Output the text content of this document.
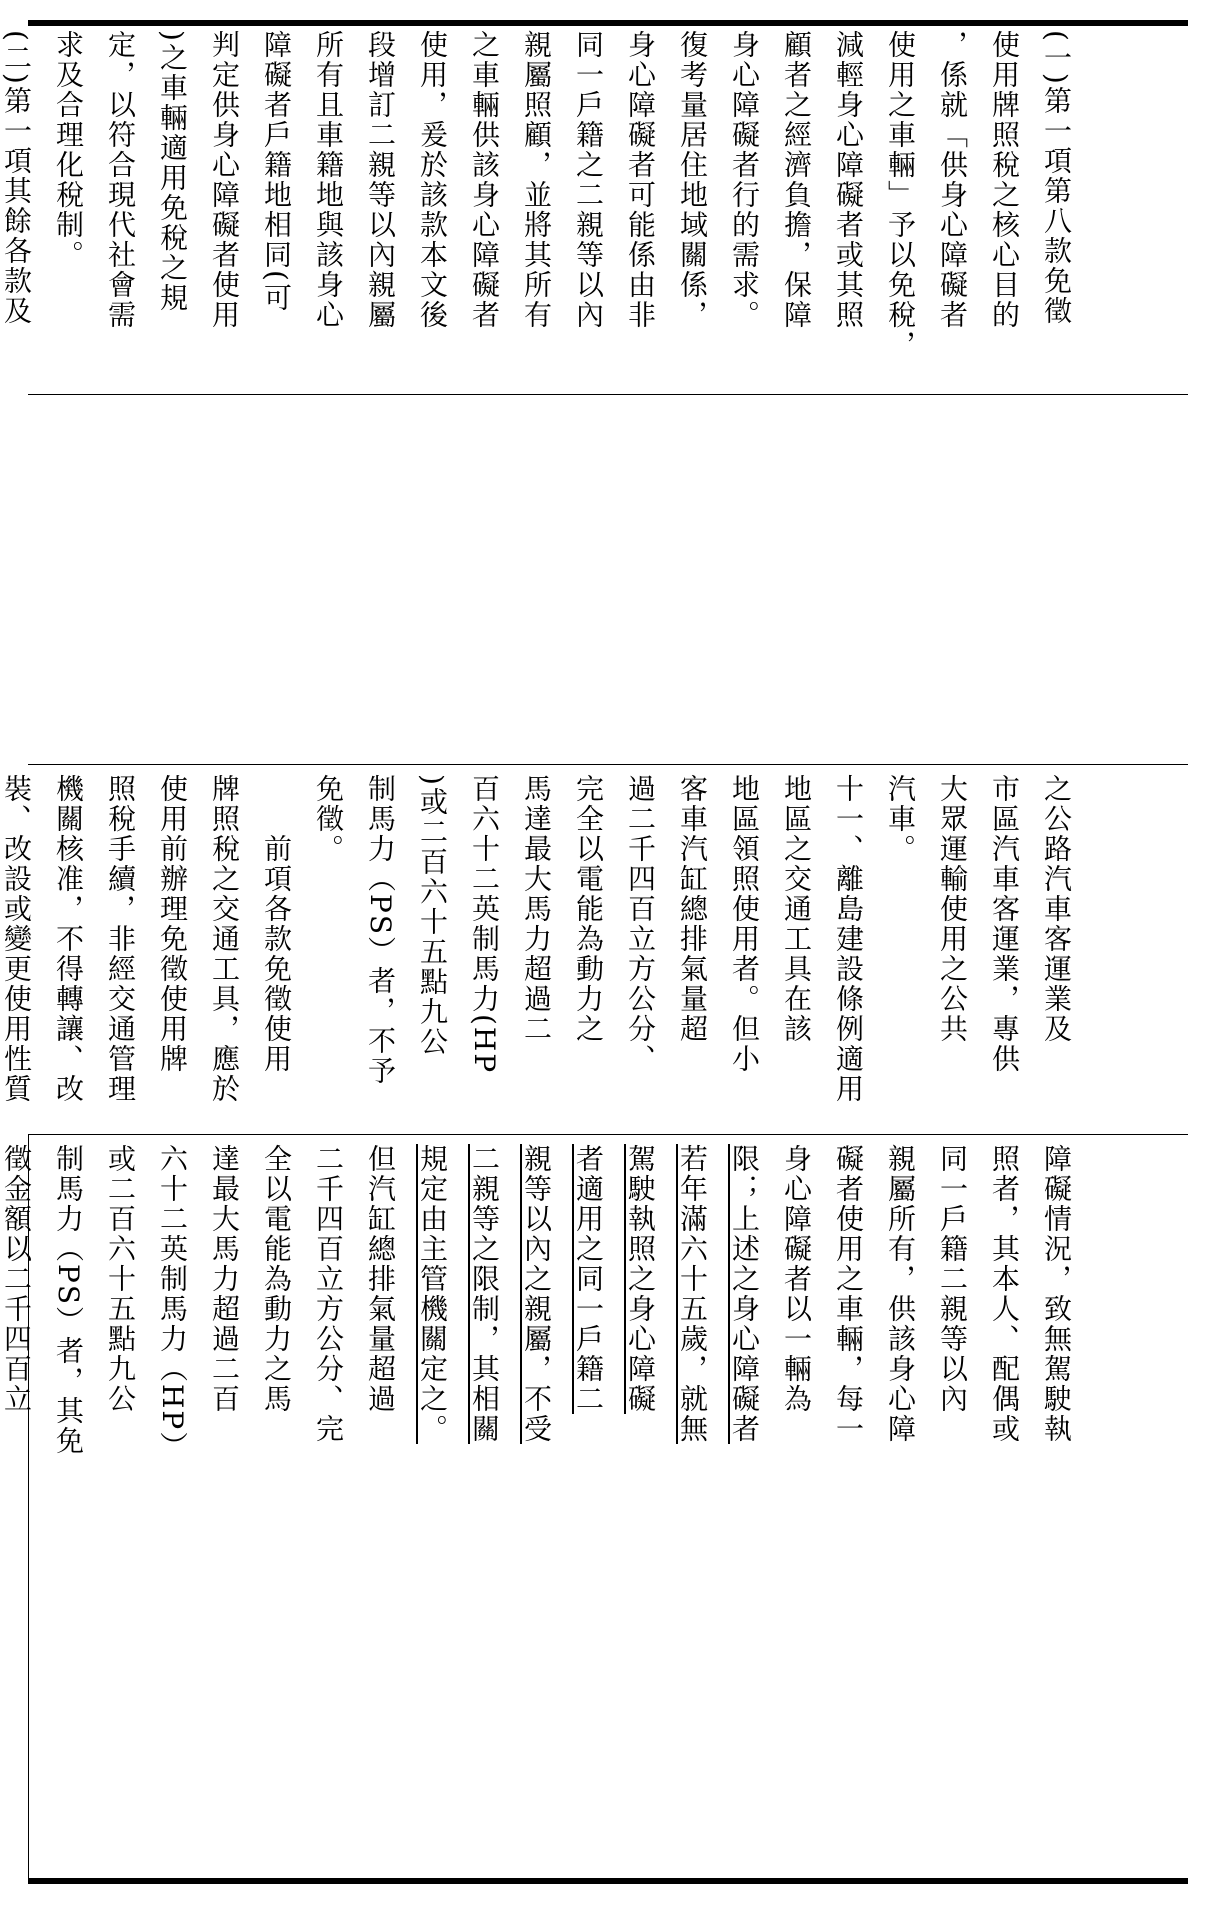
(一)第一項第八款免徵
使用牌照稅之核心目的
，係就「供身心障礙者
使用之車輛」予以免稅，
減輕身心障礙者或其照
顧者之經濟負擔，保障
身心障礙者行的需求。
復考量居住地域關係，
身心障礙者可能係由非
同一戶籍之二親等以內
親屬照顧，並將其所有
之車輛供該身心障礙者
使用，爰於該款本文後
段增訂二親等以內親屬
所有且車籍地與該身心
障礙者戶籍地相同(可
判定供身心障礙者使用
)之車輛適用免稅之規
定，以符合現代社會需
求及合理化稅制。
(二)第一項其餘各款及

之公路汽車客運業及
市區汽車客運業，專供
大眾運輸使用之公共
汽車。
十一、離島建設條例適用
地區之交通工具在該
地區領照使用者。但小
客車汽缸總排氣量超
過二千四百立方公分、
完全以電能為動力之
馬達最大馬力超過二
百六十二英制馬力(HP
)或二百六十五點九公
制馬力（PS）者，不予
免徵。
　　前項各款免徵使用
牌照稅之交通工具，應於
使用前辦理免徵使用牌
照稅手續，非經交通管理
機關核准，不得轉讓、改
裝、改設或變更使用性質

障礙情況，致無駕駛執
照者，其本人、配偶或
同一戶籍二親等以內
親屬所有，供該身心障
礙者使用之車輛，每一
身心障礙者以一輛為
限；上述之身心障礙者
若年滿六十五歲，就無
駕駛執照之身心障礙
者適用之同一戶籍二
親等以內之親屬，不受
二親等之限制，其相關
規定由主管機關定之。
但汽缸總排氣量超過
二千四百立方公分、完
全以電能為動力之馬
達最大馬力超過二百
六十二英制馬力（HP）
或二百六十五點九公
制馬力（PS）者，其免
徵金額以二千四百立
